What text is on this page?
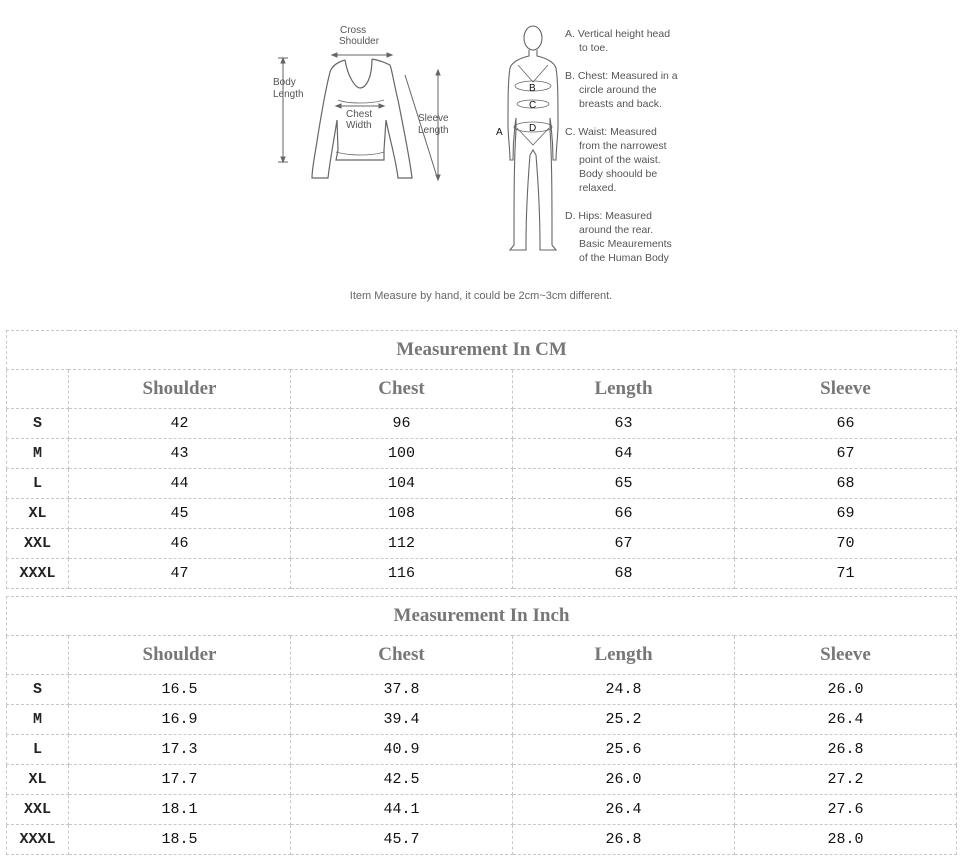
Cross
Shoulder
Body
Length
Chest
Width
Sleeve
Length	A
B
C
D
A. Vertical height head
to toe.
B. Chest: Measured in a
circle around the
breasts and back.
C. Waist: Measured
from the narrowest
point of the waist.
Body shoould be
relaxed.
D. Hips: Measured
around the rear.
Basic Meaurements
of the Human Body
Item Measure by hand, it could be 2cm~3cm different.
Measurement In CM				
	Shoulder	Chest	Length	Sleeve
S	42	96	63	66
M	43	100	64	67
L	44	104	65	68
XL	45	108	66	69
XXL	46	112	67	70
XXXL	47	116	68	71
Measurement In Inch				
	Shoulder	Chest	Length	Sleeve
S	16.5	37.8	24.8	26.0
M	16.9	39.4	25.2	26.4
L	17.3	40.9	25.6	26.8
XL	17.7	42.5	26.0	27.2
XXL	18.1	44.1	26.4	27.6
XXXL	18.5	45.7	26.8	28.0
